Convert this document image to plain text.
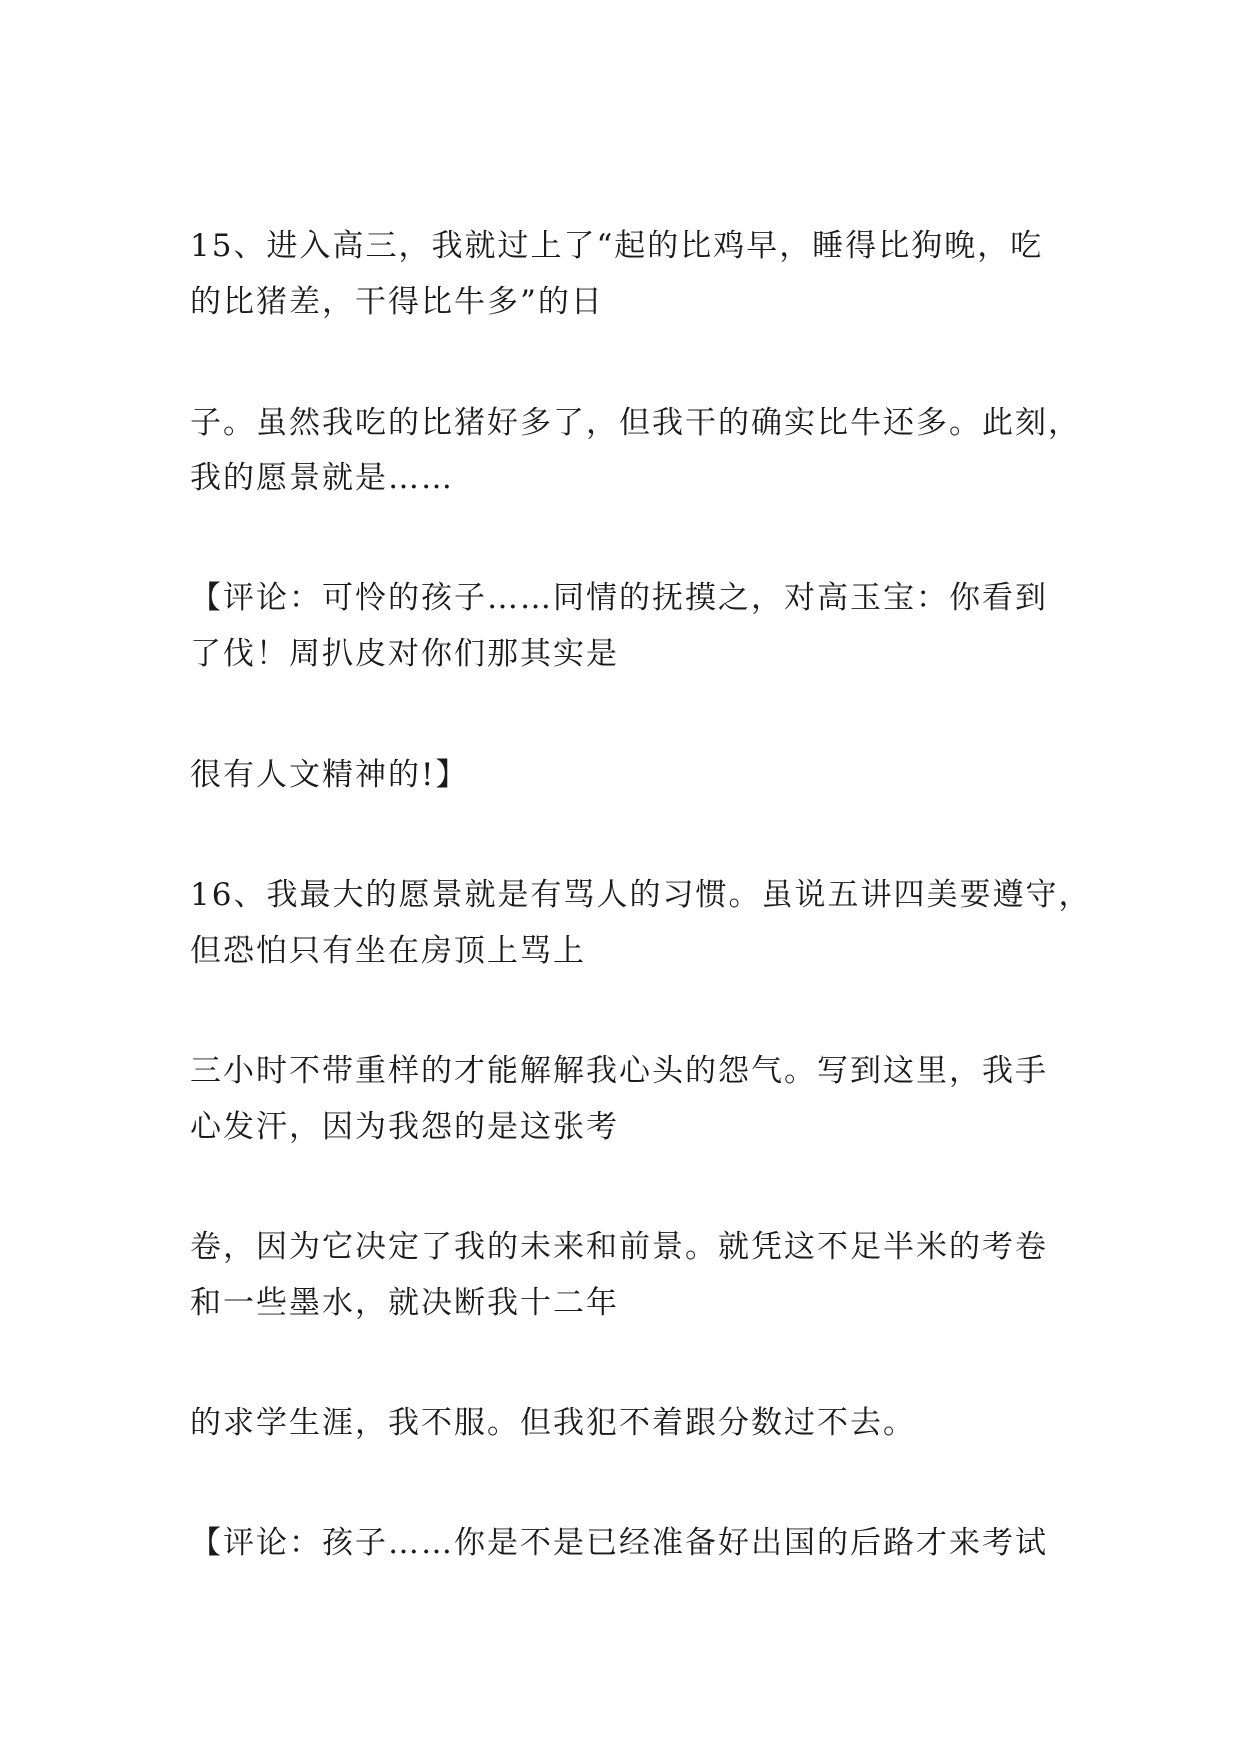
15、进入高三，我就过上了“起的比鸡早，睡得比狗晚，吃
的比猪差，干得比牛多”的日
子。虽然我吃的比猪好多了，但我干的确实比牛还多。此刻，
我的愿景就是……
【评论：可怜的孩子……同情的抚摸之，对高玉宝：你看到
了伐！周扒皮对你们那其实是
很有人文精神的!】
16、我最大的愿景就是有骂人的习惯。虽说五讲四美要遵守，
但恐怕只有坐在房顶上骂上
三小时不带重样的才能解解我心头的怨气。写到这里，我手
心发汗，因为我怨的是这张考
卷，因为它决定了我的未来和前景。就凭这不足半米的考卷
和一些墨水，就决断我十二年
的求学生涯，我不服。但我犯不着跟分数过不去。
【评论：孩子……你是不是已经准备好出国的后路才来考试
